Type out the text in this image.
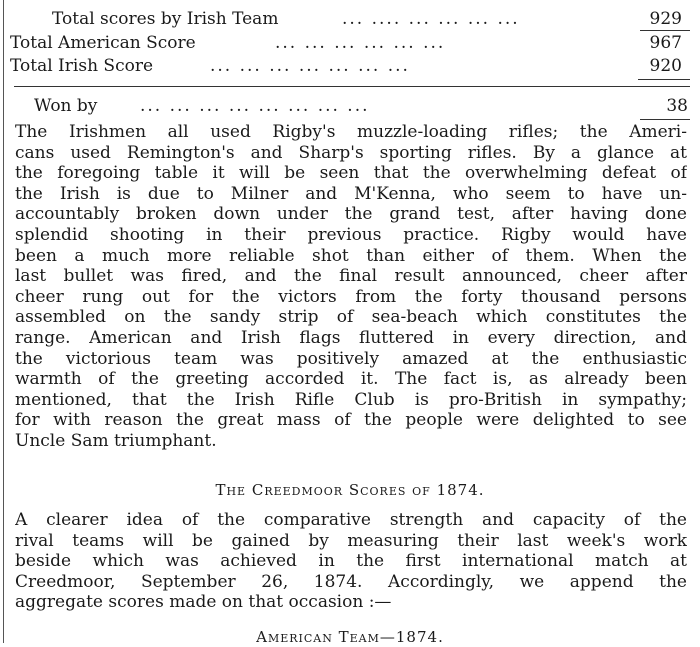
Total scores by Irish Team	... .... ... ... ... ...	929
Total American Score	... ... ... ... ... ...	967
Total Irish Score	... ... ... ... ... ... ...	920
Won by	... ... ... ... ... ... ... ...	38
The Irishmen all used Rigby's muzzle-loading rifles; the Ameri-
cans used Remington's and Sharp's sporting rifles. By a glance at
the foregoing table it will be seen that the overwhelming defeat of
the Irish is due to Milner and M'Kenna, who seem to have un-
accountably broken down under the grand test, after having done
splendid shooting in their previous practice. Rigby would have
been a much more reliable shot than either of them. When the
last bullet was fired, and the final result announced, cheer after
cheer rung out for the victors from the forty thousand persons
assembled on the sandy strip of sea-beach which constitutes the
range. American and Irish flags fluttered in every direction, and
the victorious team was positively amazed at the enthusiastic
warmth of the greeting accorded it. The fact is, as already been
mentioned, that the Irish Rifle Club is pro-British in sympathy;
for with reason the great mass of the people were delighted to see
Uncle Sam triumphant.
The Creedmoor Scores of 1874.
A clearer idea of the comparative strength and capacity of the
rival teams will be gained by measuring their last week's work
beside which was achieved in the first international match at
Creedmoor, September 26, 1874. Accordingly, we append the
aggregate scores made on that occasion :—
American Team—1874.
